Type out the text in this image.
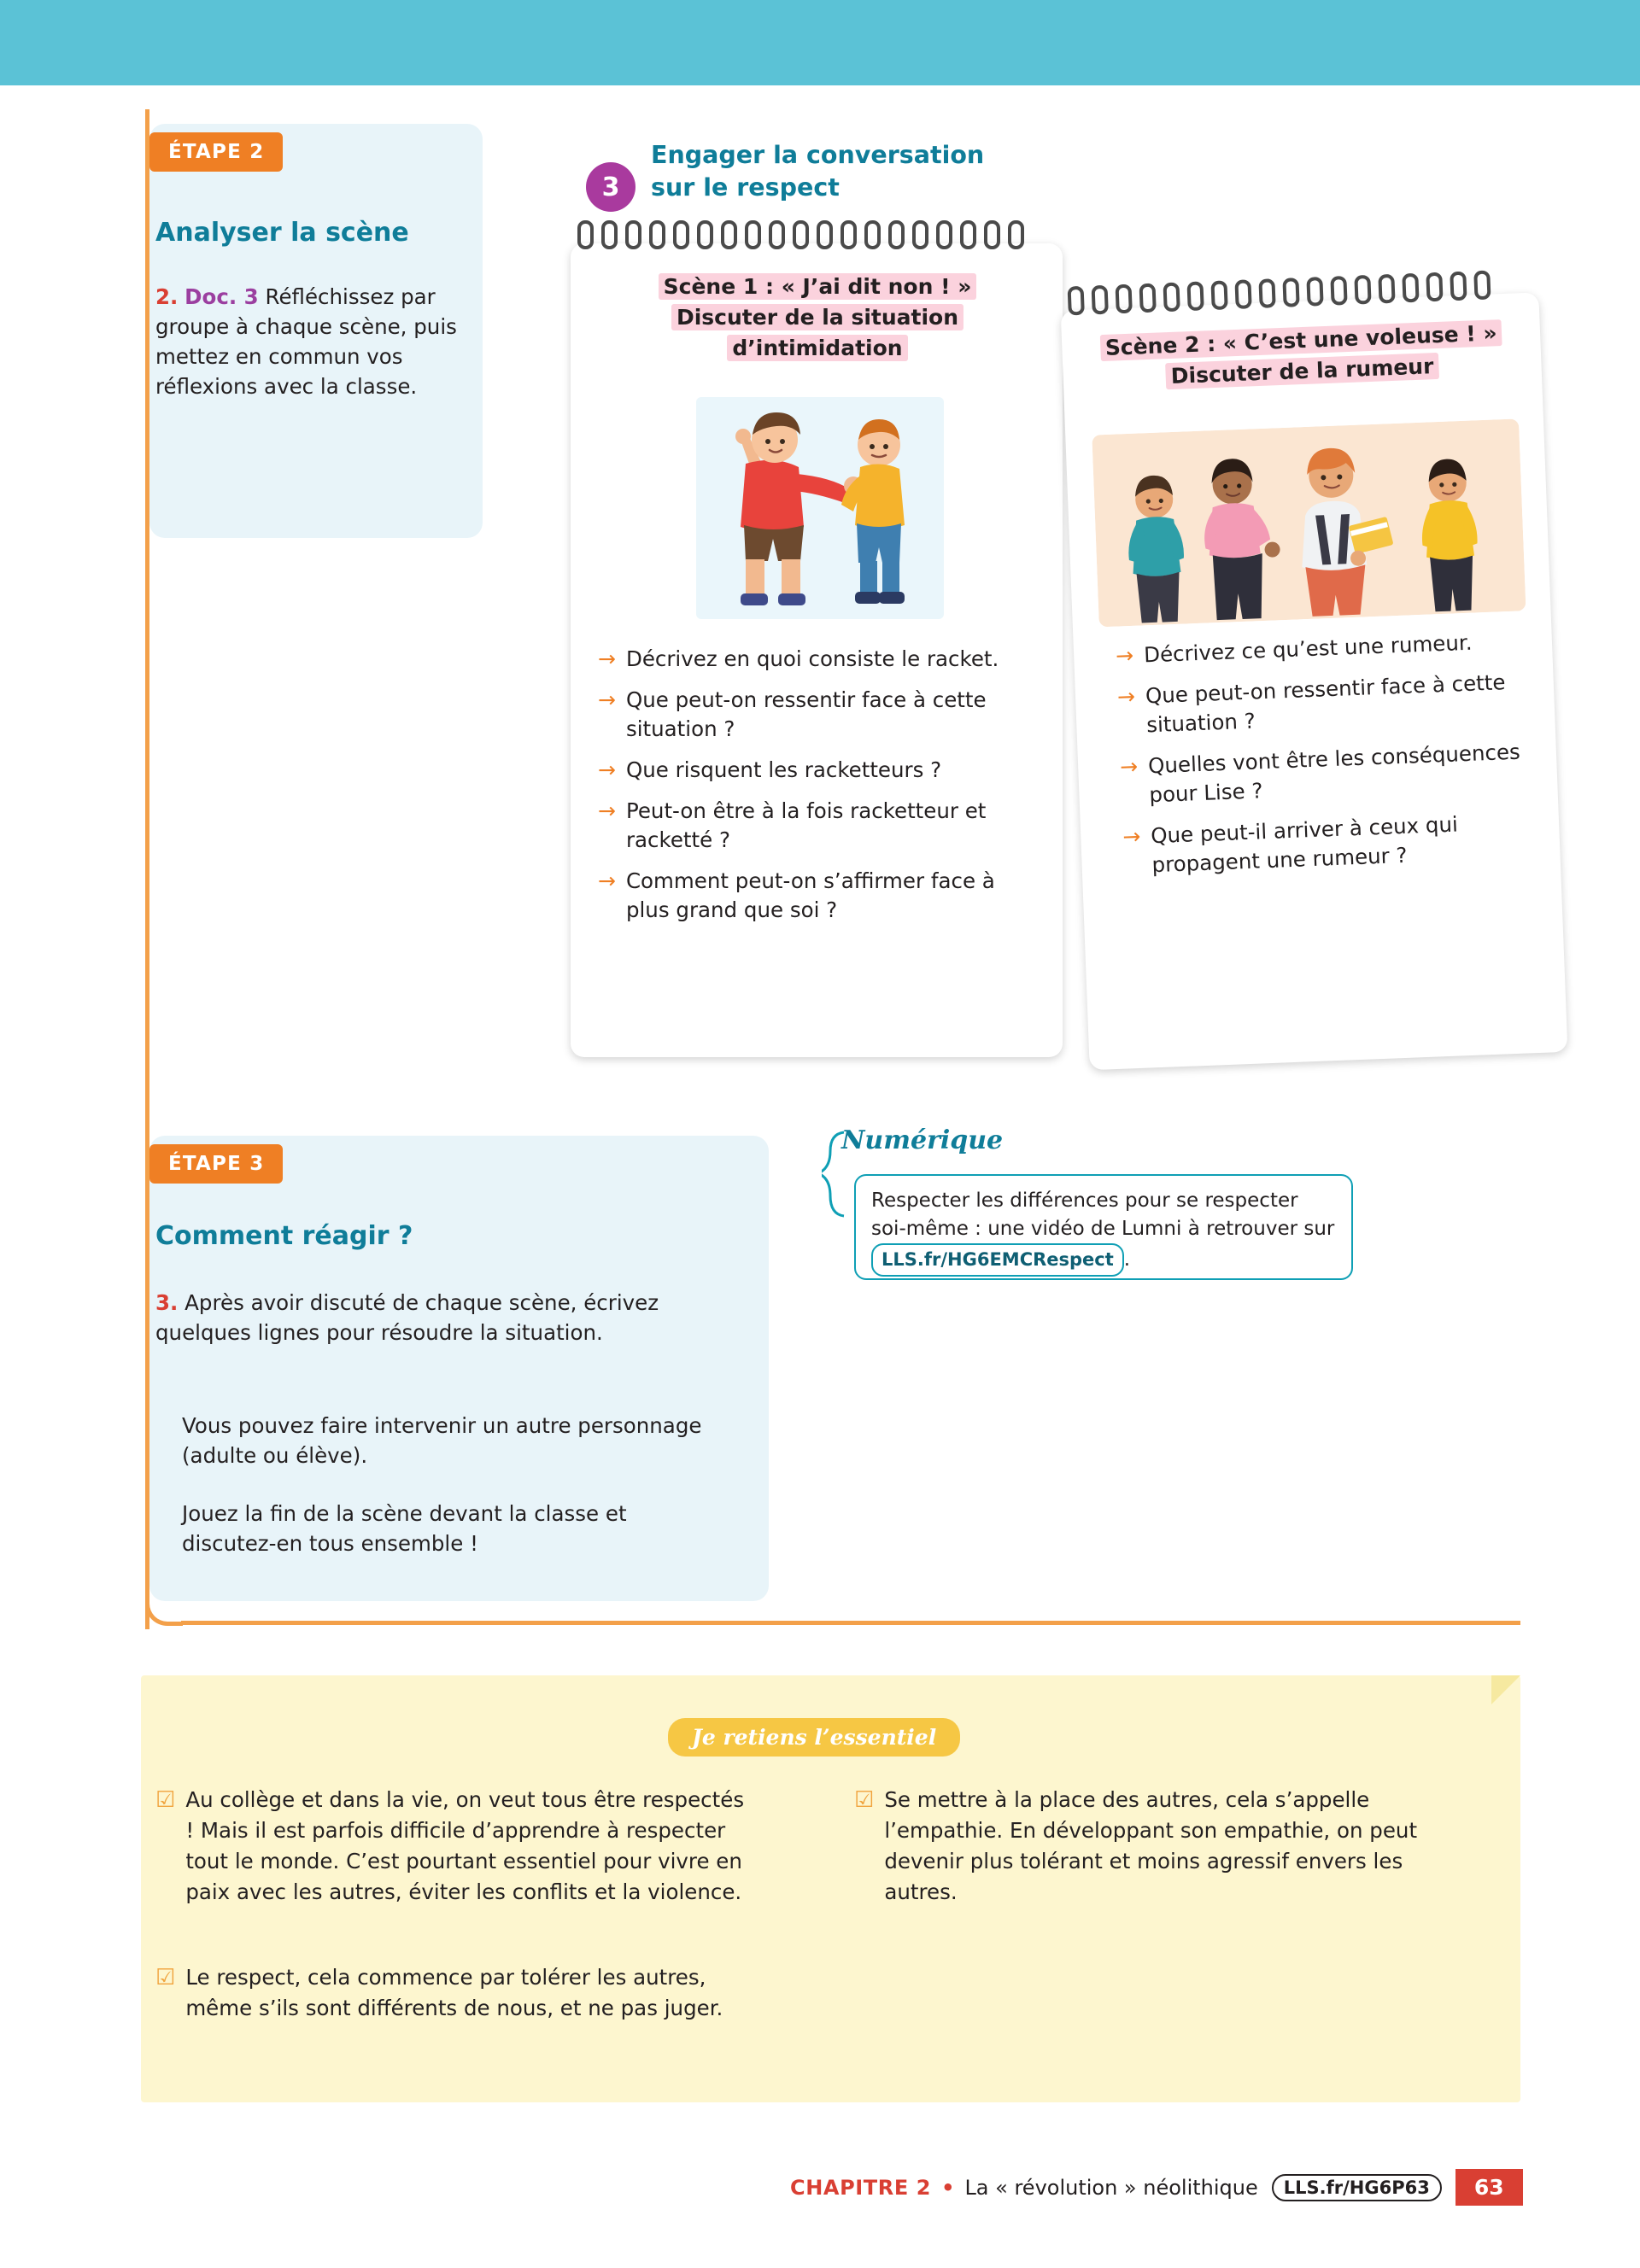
ÉTAPE 2
Analyser la scène
2. Doc. 3 Réfléchissez par groupe à chaque scène, puis mettez en commun vos réflexions avec la classe.
3
Engager la conversation sur le respect
Scène 1 : « J’ai dit non ! »
Discuter de la situation
d’intimidation
→ Décrivez en quoi consiste le racket.
→ Que peut-on ressentir face à cette situation ?
→ Que risquent les racketteurs ?
→ Peut-on être à la fois racketteur et racketté ?
→ Comment peut-on s’affirmer face à plus grand que soi ?
Scène 2 : « C’est une voleuse ! »
Discuter de la rumeur
→ Décrivez ce qu’est une rumeur.
→ Que peut-on ressentir face à cette situation ?
→ Quelles vont être les conséquences pour Lise ?
→ Que peut-il arriver à ceux qui propagent une rumeur ?
ÉTAPE 3
Comment réagir ?
3. Après avoir discuté de chaque scène, écrivez quelques lignes pour résoudre la situation.
Vous pouvez faire intervenir un autre personnage (adulte ou élève).
Jouez la fin de la scène devant la classe et discutez-en tous ensemble !
Numérique
Respecter les différences pour se respecter soi-même : une vidéo de Lumni à retrouver sur LLS.fr/HG6EMCRespect .
Je retiens l’essentiel
☑ Au collège et dans la vie, on veut tous être respectés ! Mais il est parfois difficile d’apprendre à respecter tout le monde. C’est pourtant essentiel pour vivre en paix avec les autres, éviter les conflits et la violence.
☑ Le respect, cela commence par tolérer les autres, même s’ils sont différents de nous, et ne pas juger.
☑ Se mettre à la place des autres, cela s’appelle l’empathie. En développant son empathie, on peut devenir plus tolérant et moins agressif envers les autres.
CHAPITRE 2 • La « révolution » néolithique	LLS.fr/HG6P63	63
